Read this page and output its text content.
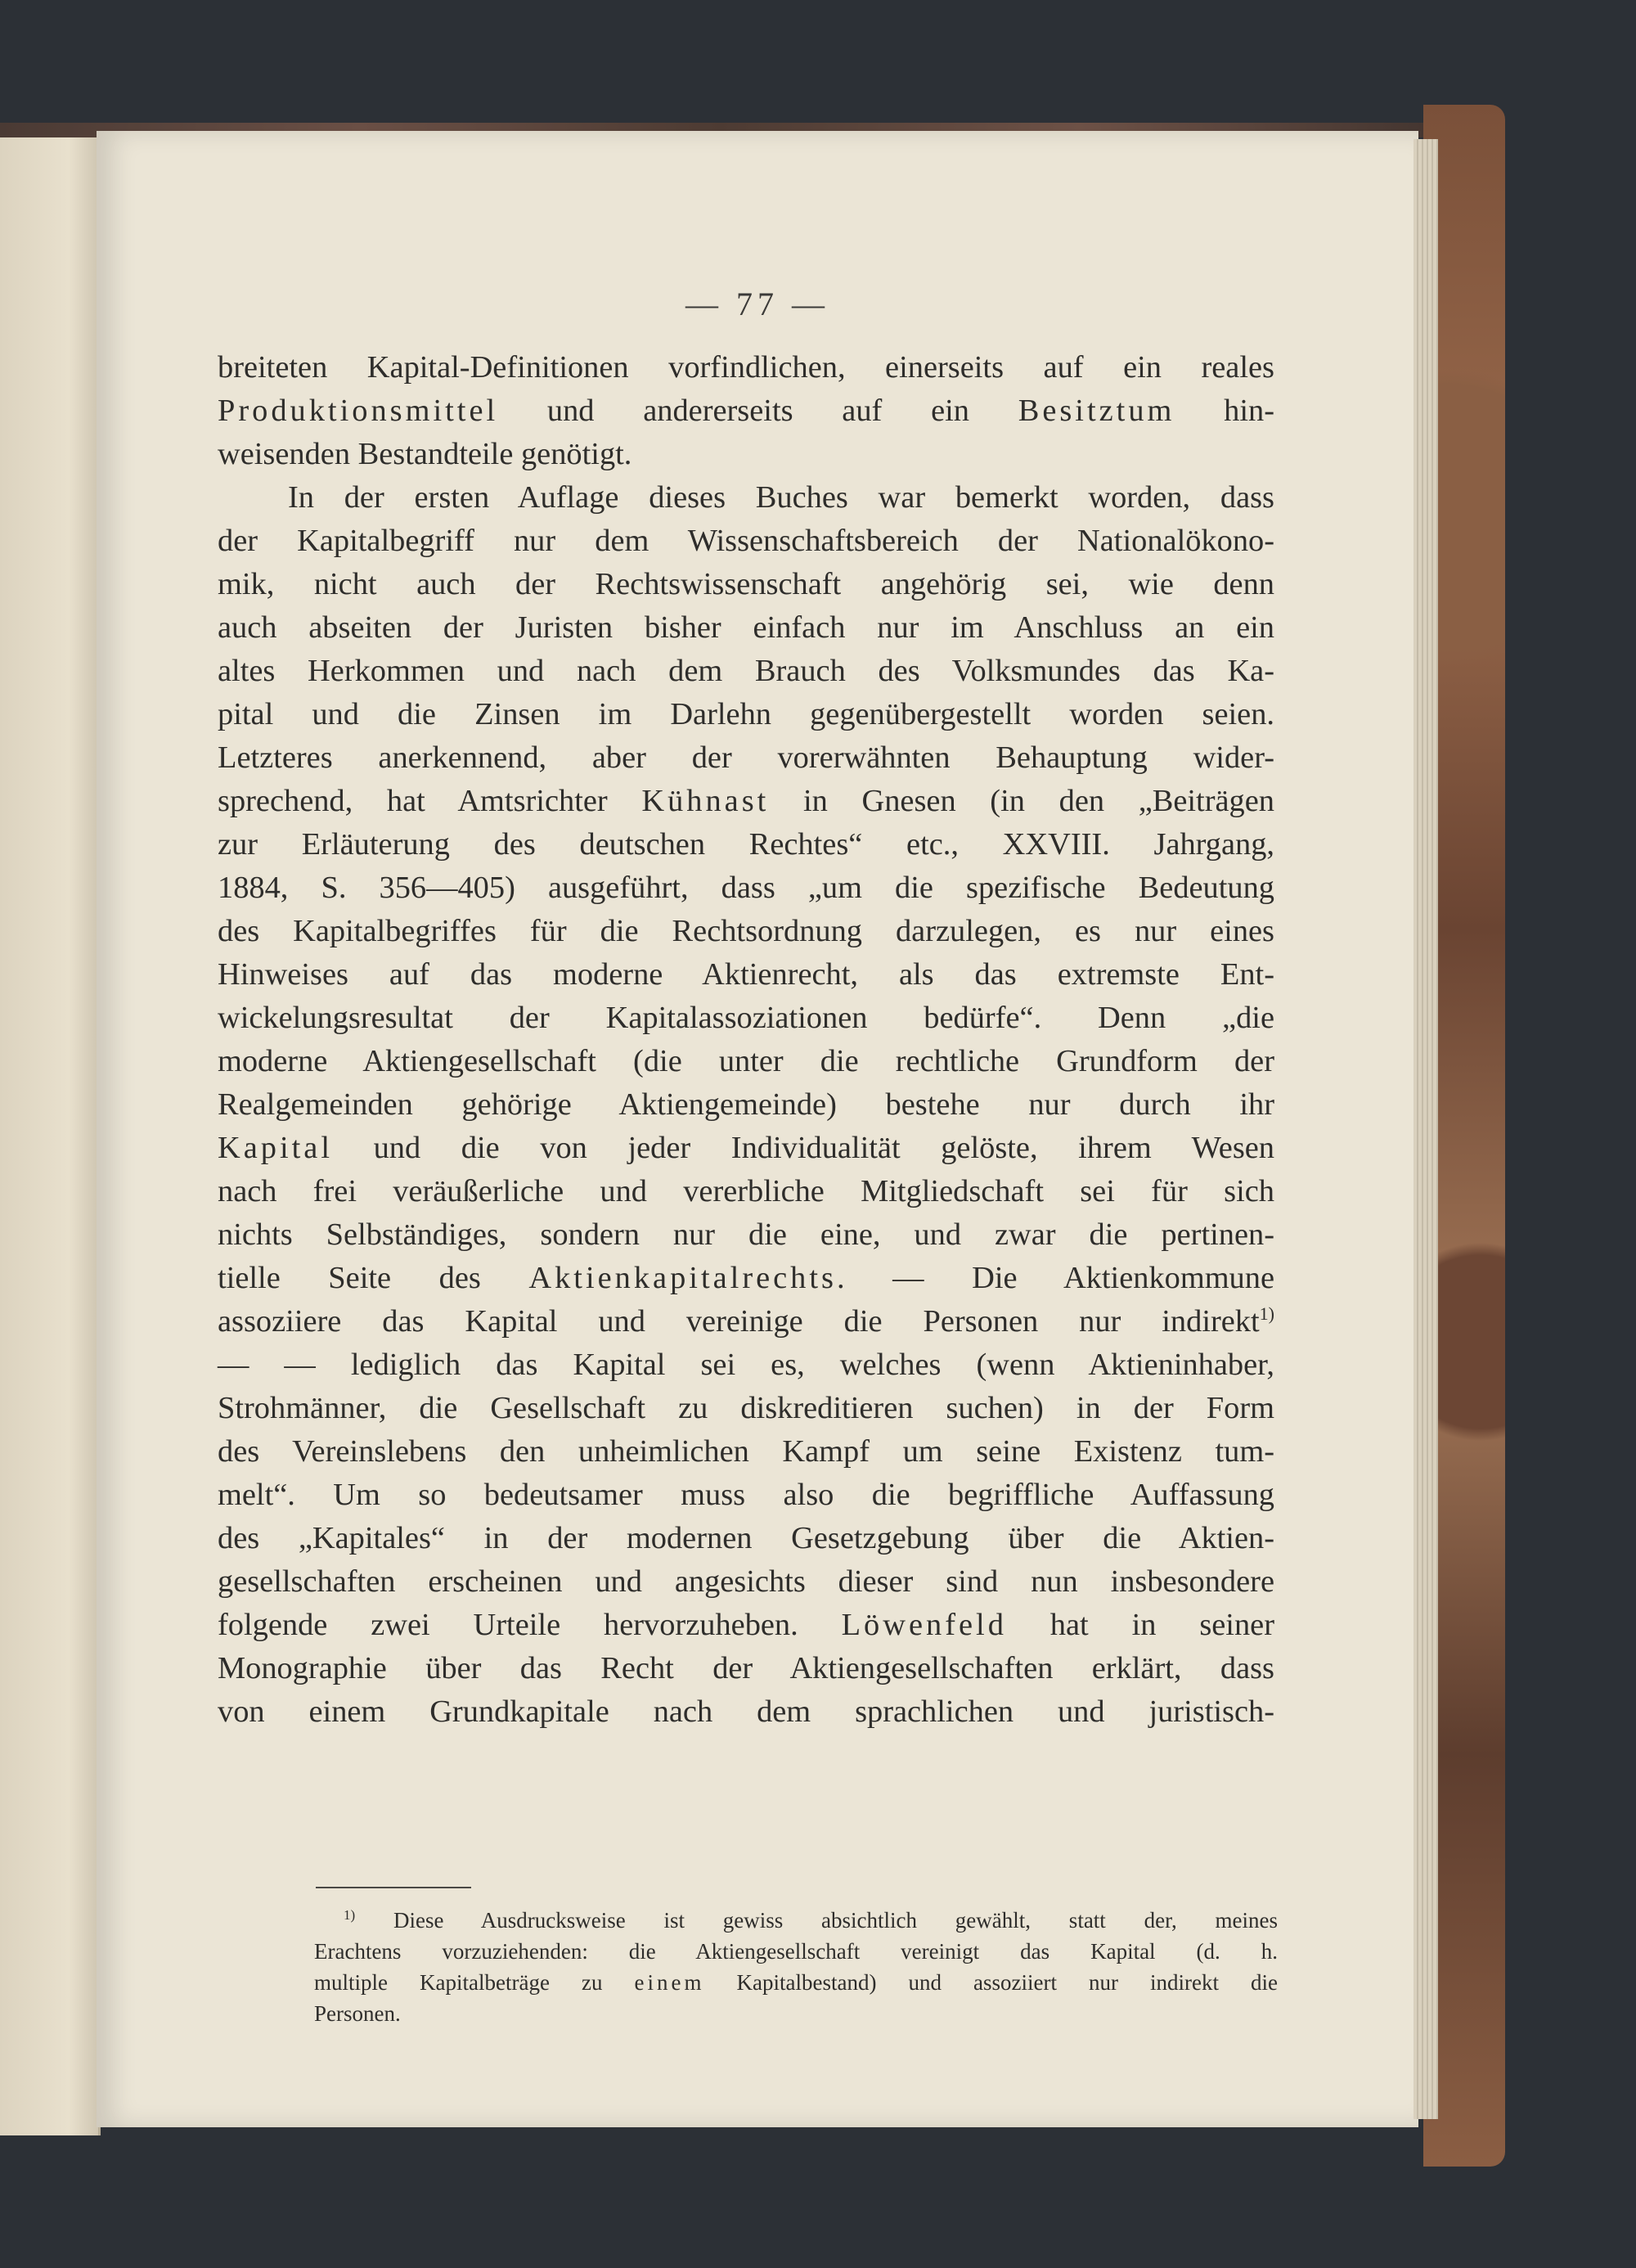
— 77 —

breiteten Kapital-Definitionen vorfindlichen, einerseits auf ein reales

Produktionsmittel und andererseits auf ein Besitztum hin-

weisenden Bestandteile genötigt.

In der ersten Auflage dieses Buches war bemerkt worden, dass

der Kapitalbegriff nur dem Wissenschaftsbereich der Nationalökono-

mik, nicht auch der Rechtswissenschaft angehörig sei, wie denn

auch abseiten der Juristen bisher einfach nur im Anschluss an ein

altes Herkommen und nach dem Brauch des Volksmundes das Ka-

pital und die Zinsen im Darlehn gegenübergestellt worden seien.

Letzteres anerkennend, aber der vorerwähnten Behauptung wider-

sprechend, hat Amtsrichter Kühnast in Gnesen (in den „Beiträgen

zur Erläuterung des deutschen Rechtes“ etc., XXVIII. Jahrgang,

1884, S. 356—405) ausgeführt, dass „um die spezifische Bedeutung

des Kapitalbegriffes für die Rechtsordnung darzulegen, es nur eines

Hinweises auf das moderne Aktienrecht, als das extremste Ent-

wickelungsresultat der Kapitalassoziationen bedürfe“. Denn „die

moderne Aktiengesellschaft (die unter die rechtliche Grundform der

Realgemeinden gehörige Aktiengemeinde) bestehe nur durch ihr

Kapital und die von jeder Individualität gelöste, ihrem Wesen

nach frei veräußerliche und vererbliche Mitgliedschaft sei für sich

nichts Selbständiges, sondern nur die eine, und zwar die pertinen-

tielle Seite des Aktienkapitalrechts. — Die Aktienkommune

assoziiere das Kapital und vereinige die Personen nur indirekt$^{1)}$

— — lediglich das Kapital sei es, welches (wenn Aktieninhaber,

Strohmänner, die Gesellschaft zu diskreditieren suchen) in der Form

des Vereinslebens den unheimlichen Kampf um seine Existenz tum-

melt“. Um so bedeutsamer muss also die begriffliche Auffassung

des „Kapitales“ in der modernen Gesetzgebung über die Aktien-

gesellschaften erscheinen und angesichts dieser sind nun insbesondere

folgende zwei Urteile hervorzuheben. Löwenfeld hat in seiner

Monographie über das Recht der Aktiengesellschaften erklärt, dass

von einem Grundkapitale nach dem sprachlichen und juristisch-

$^{1)}$ Diese Ausdrucksweise ist gewiss absichtlich gewählt, statt der, meines
Erachtens vorzuziehenden: die Aktiengesellschaft vereinigt das Kapital (d. h.
multiple Kapitalbeträge zu einem Kapitalbestand) und assoziiert nur indirekt die
Personen.
